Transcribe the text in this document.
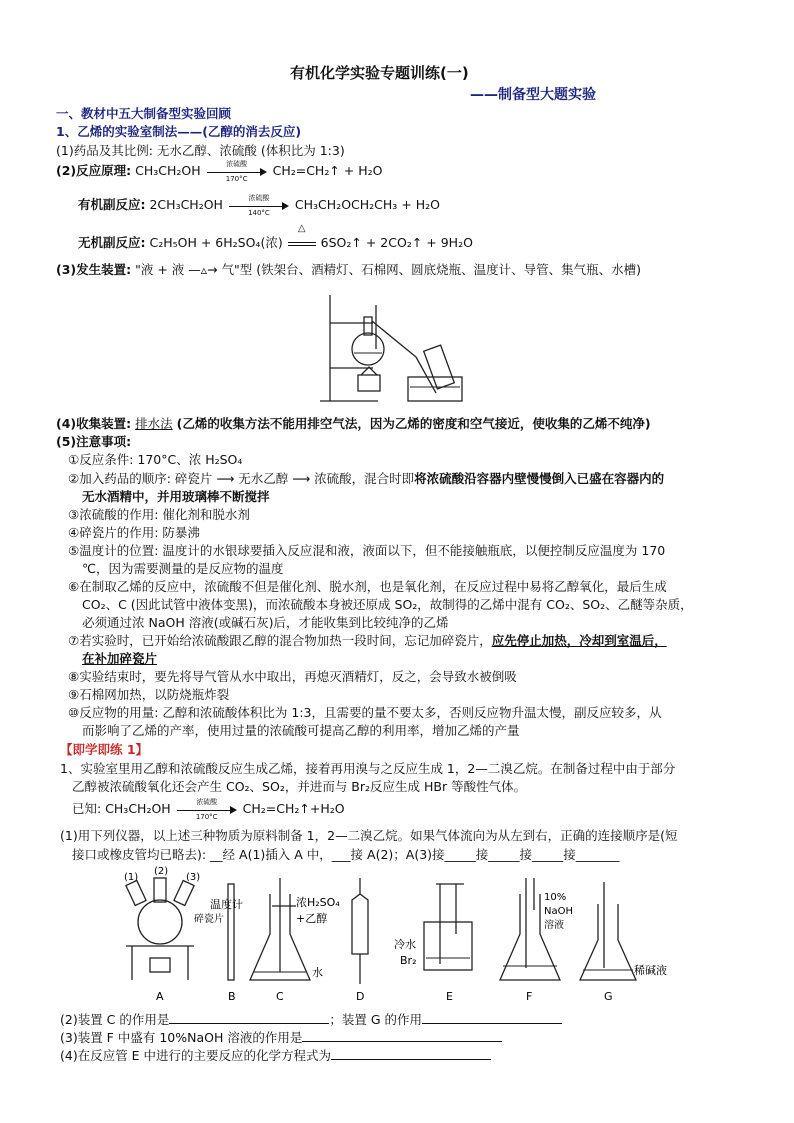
有机化学实验专题训练(一)
——制备型大题实验
一、教材中五大制备型实验回顾
1、乙烯的实验室制法——(乙醇的消去反应)
(1)药品及其比例: 无水乙醇、浓硫酸 (体积比为 1:3)
(2)反应原理: CH₃CH₂OH	浓硫酸
170°C
CH₂=CH₂↑ + H₂O
有机副反应: 2CH₃CH₂OH	浓硫酸
140°C
CH₃CH₂OCH₂CH₃ + H₂O
无机副反应: C₂H₅OH + 6H₂SO₄(浓)
△
6SO₂↑ + 2CO₂↑ + 9H₂O
(3)发生装置: "液 + 液 —▵→ 气"型 (铁架台、酒精灯、石棉网、圆底烧瓶、温度计、导管、集气瓶、水槽)
(4)收集装置: 排水法 (乙烯的收集方法不能用排空气法，因为乙烯的密度和空气接近，使收集的乙烯不纯净)
(5)注意事项:
①反应条件: 170°C、浓 H₂SO₄
②加入药品的顺序: 碎瓷片 ⟶ 无水乙醇 ⟶ 浓硫酸，混合时即将浓硫酸沿容器内壁慢慢倒入已盛在容器内的
无水酒精中，并用玻璃棒不断搅拌
③浓硫酸的作用: 催化剂和脱水剂
④碎瓷片的作用: 防暴沸
⑤温度计的位置: 温度计的水银球要插入反应混和液，液面以下，但不能接触瓶底，以便控制反应温度为 170
℃，因为需要测量的是反应物的温度
⑥在制取乙烯的反应中，浓硫酸不但是催化剂、脱水剂，也是氧化剂，在反应过程中易将乙醇氧化，最后生成
CO₂、C (因此试管中液体变黑)，而浓硫酸本身被还原成 SO₂，故制得的乙烯中混有 CO₂、SO₂、乙醚等杂质，
必须通过浓 NaOH 溶液(或碱石灰)后，才能收集到比较纯净的乙烯
⑦若实验时，已开始给浓硫酸跟乙醇的混合物加热一段时间，忘记加碎瓷片，应先停止加热，冷却到室温后，
在补加碎瓷片
⑧实验结束时，要先将导气管从水中取出，再熄灭酒精灯，反之，会导致水被倒吸
⑨石棉网加热，以防烧瓶炸裂
⑩反应物的用量: 乙醇和浓硫酸体积比为 1:3，且需要的量不要太多，否则反应物升温太慢，副反应较多，从
而影响了乙烯的产率，使用过量的浓硫酸可提高乙醇的利用率，增加乙烯的产量
【即学即练 1】
1、实验室里用乙醇和浓硫酸反应生成乙烯，接着再用溴与之反应生成 1，2—二溴乙烷。在制备过程中由于部分
乙醇被浓硫酸氧化还会产生 CO₂、SO₂，并进而与 Br₂反应生成 HBr 等酸性气体。
已知: CH₃CH₂OH	浓硫酸
170°C
CH₂=CH₂↑+H₂O
(1)用下列仪器，以上述三种物质为原料制备 1，2—二溴乙烷。如果气体流向为从左到右，正确的连接顺序是(短
接口或橡皮管均已略去): __经 A(1)插入 A 中，___接 A(2)；A(3)接_____接_____接_____接_______
(1)
(2)
(3)
温度计
碎瓷片
水
浓H₂SO₄
+乙醇
冷水
Br₂
10%
NaOH
溶液
稀碱液
A	B	C	D	E	F	G
(2)装置 C 的作用是	；装置 G 的作用
(3)装置 F 中盛有 10%NaOH 溶液的作用是
(4)在反应管 E 中进行的主要反应的化学方程式为
